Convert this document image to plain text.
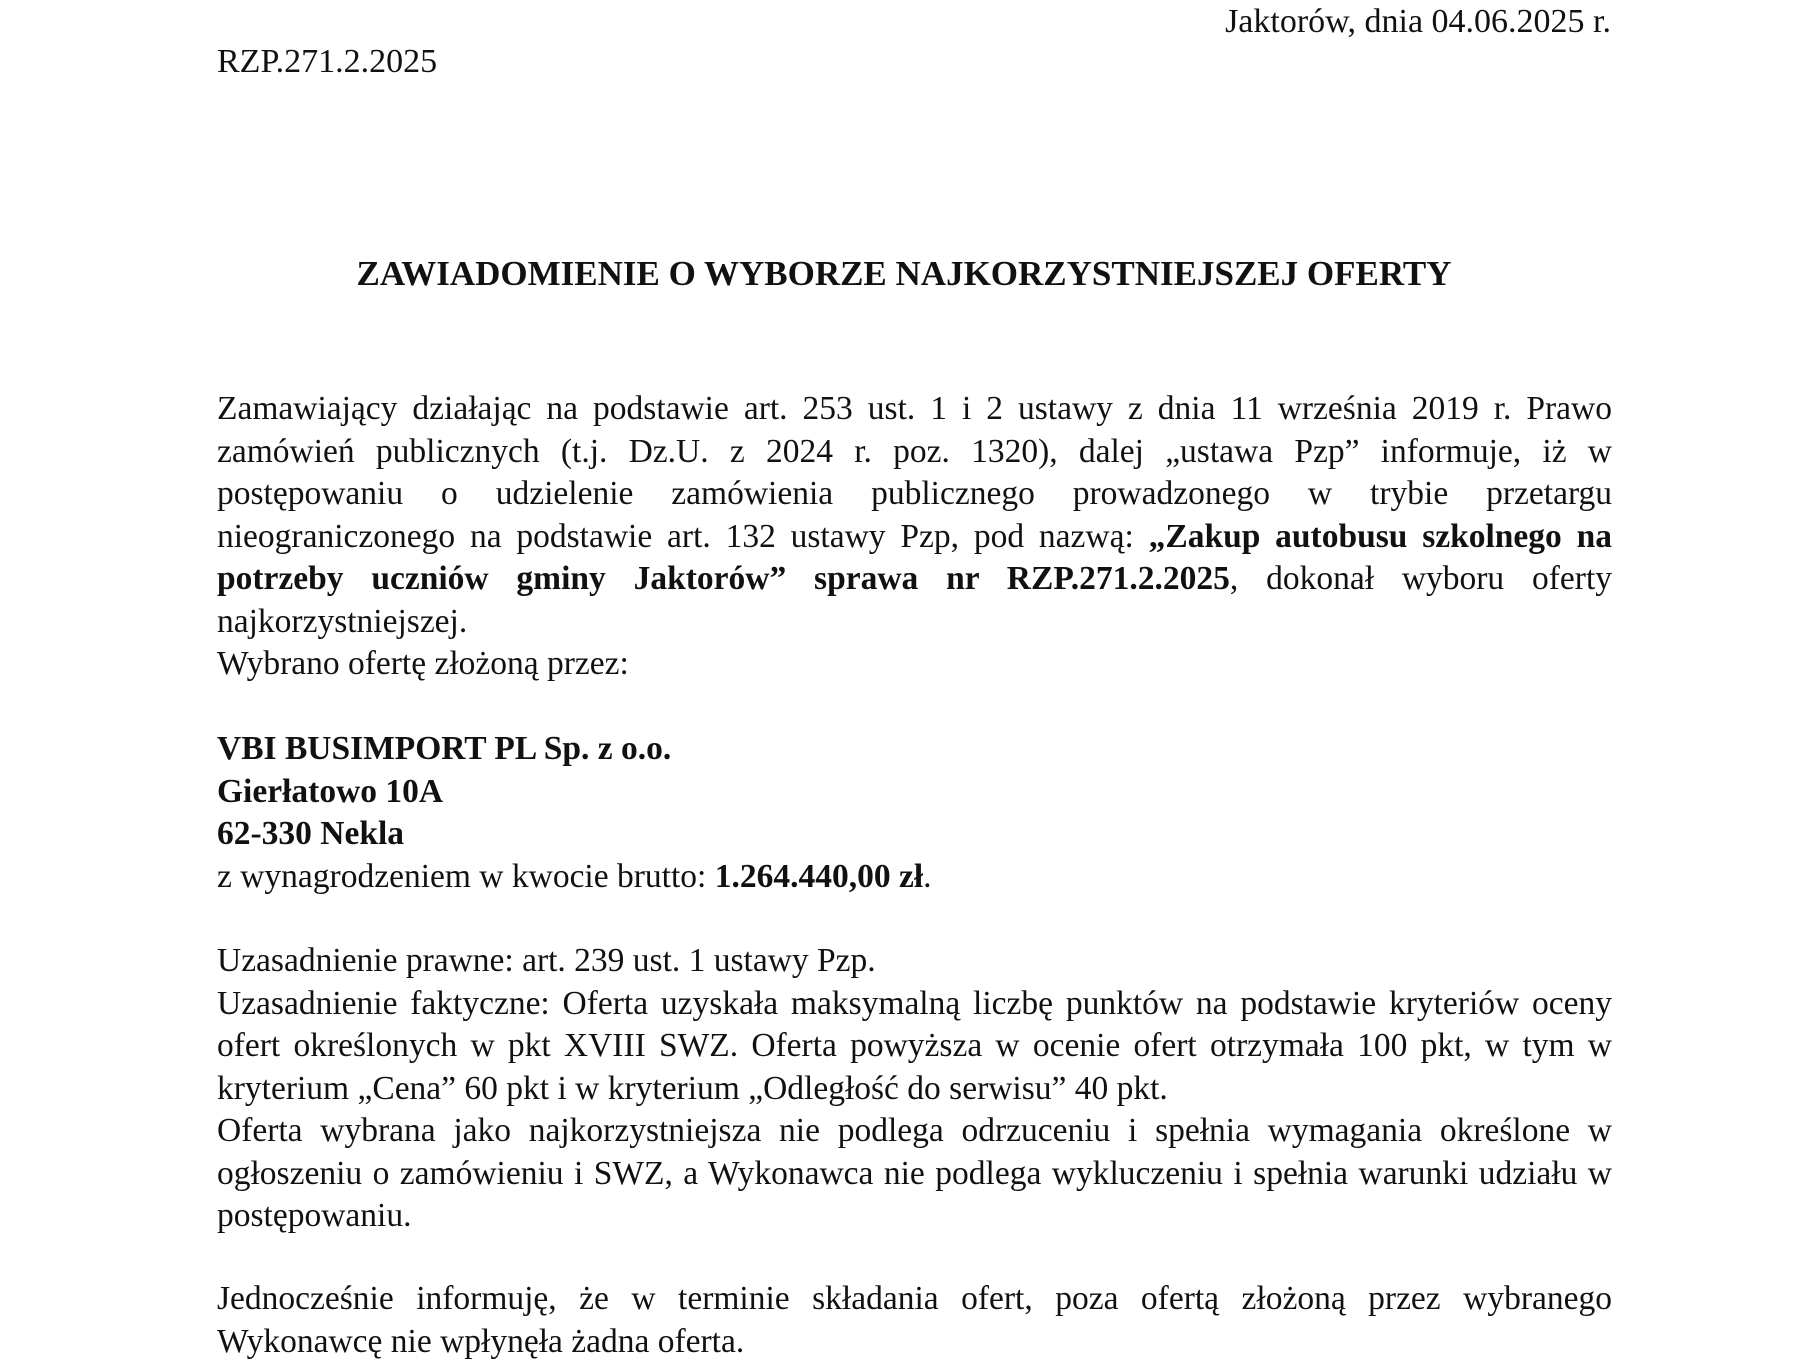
Jaktorów, dnia 04.06.2025 r.
RZP.271.2.2025
ZAWIADOMIENIE O WYBORZE NAJKORZYSTNIEJSZEJ OFERTY
Zamawiający działając na podstawie art. 253 ust. 1 i 2 ustawy z dnia 11 września 2019 r. Prawo zamówień publicznych (t.j. Dz.U. z 2024 r. poz. 1320), dalej „ustawa Pzp” informuje, iż w postępowaniu o udzielenie zamówienia publicznego prowadzonego w trybie przetargu nieograniczonego na podstawie art. 132 ustawy Pzp, pod nazwą: „Zakup autobusu szkolnego na potrzeby uczniów gminy Jaktorów” sprawa nr RZP.271.2.2025, dokonał wyboru oferty najkorzystniejszej.
Wybrano ofertę złożoną przez:
VBI BUSIMPORT PL Sp. z o.o.
Gierłatowo 10A
62-330 Nekla
z wynagrodzeniem w kwocie brutto: 1.264.440,00 zł.
Uzasadnienie prawne: art. 239 ust. 1 ustawy Pzp.
Uzasadnienie faktyczne: Oferta uzyskała maksymalną liczbę punktów na podstawie kryteriów oceny ofert określonych w pkt XVIII SWZ. Oferta powyższa w ocenie ofert otrzymała 100 pkt, w tym w kryterium „Cena” 60 pkt i w kryterium „Odległość do serwisu” 40 pkt.
Oferta wybrana jako najkorzystniejsza nie podlega odrzuceniu i spełnia wymagania określone w ogłoszeniu o zamówieniu i SWZ, a Wykonawca nie podlega wykluczeniu i spełnia warunki udziału w postępowaniu.
Jednocześnie informuję, że w terminie składania ofert, poza ofertą złożoną przez wybranego Wykonawcę nie wpłynęła żadna oferta.
